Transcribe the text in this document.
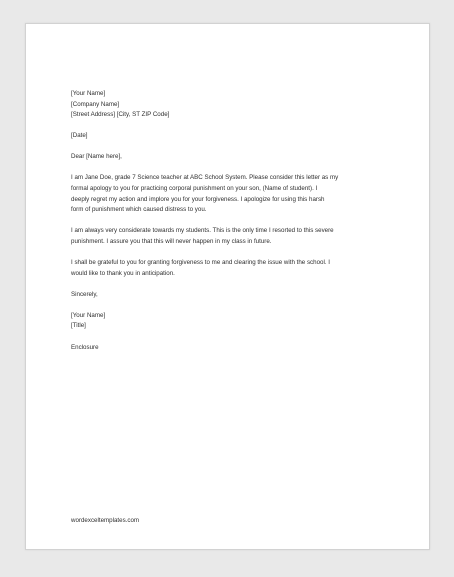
[Your Name]
[Company Name]
[Street Address] [City, ST ZIP Code]
[Date]
Dear [Name here],

I am Jane Doe, grade 7 Science teacher at ABC School System. Please consider this letter as my

formal apology to you for practicing corporal punishment on your son, (Name of student). I

deeply regret my action and implore you for your forgiveness. I apologize for using this harsh

form of punishment which caused distress to you.

I am always very considerate towards my students. This is the only time I resorted to this severe

punishment. I assure you that this will never happen in my class in future.

I shall be grateful to you for granting forgiveness to me and clearing the issue with the school. I

would like to thank you in anticipation.

Sincerely,
[Your Name]
[Title]
Enclosure
wordexceltemplates.com
